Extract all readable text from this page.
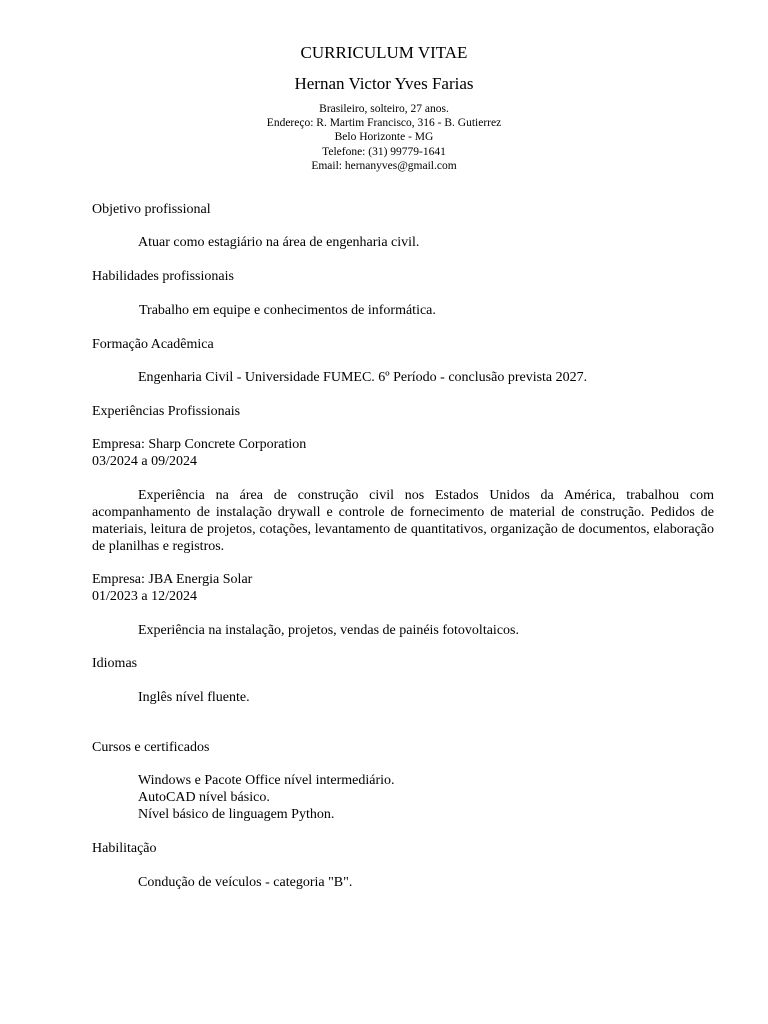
CURRICULUM VITAE
Hernan Victor Yves Farias
Brasileiro, solteiro, 27 anos.
Endereço: R. Martim Francisco, 316 - B. Gutierrez
Belo Horizonte - MG
Telefone: (31) 99779-1641
Email: hernanyves@gmail.com
Objetivo profissional
Atuar como estagiário na área de engenharia civil.
Habilidades profissionais
Trabalho em equipe e conhecimentos de informática.
Formação Acadêmica
Engenharia Civil - Universidade FUMEC. 6º Período - conclusão prevista 2027.
Experiências Profissionais
Empresa: Sharp Concrete Corporation
03/2024 a 09/2024
Experiência na área de construção civil nos Estados Unidos da América, trabalhou com acompanhamento de instalação drywall e controle de fornecimento de material de construção. Pedidos de materiais, leitura de projetos, cotações, levantamento de quantitativos, organização de documentos, elaboração de planilhas e registros.
Empresa: JBA Energia Solar
01/2023 a 12/2024
Experiência na instalação, projetos, vendas de painéis fotovoltaicos.
Idiomas
Inglês nível fluente.
Cursos e certificados
Windows e Pacote Office nível intermediário.
AutoCAD nível básico.
Nível básico de linguagem Python.
Habilitação
Condução de veículos - categoria "B".
